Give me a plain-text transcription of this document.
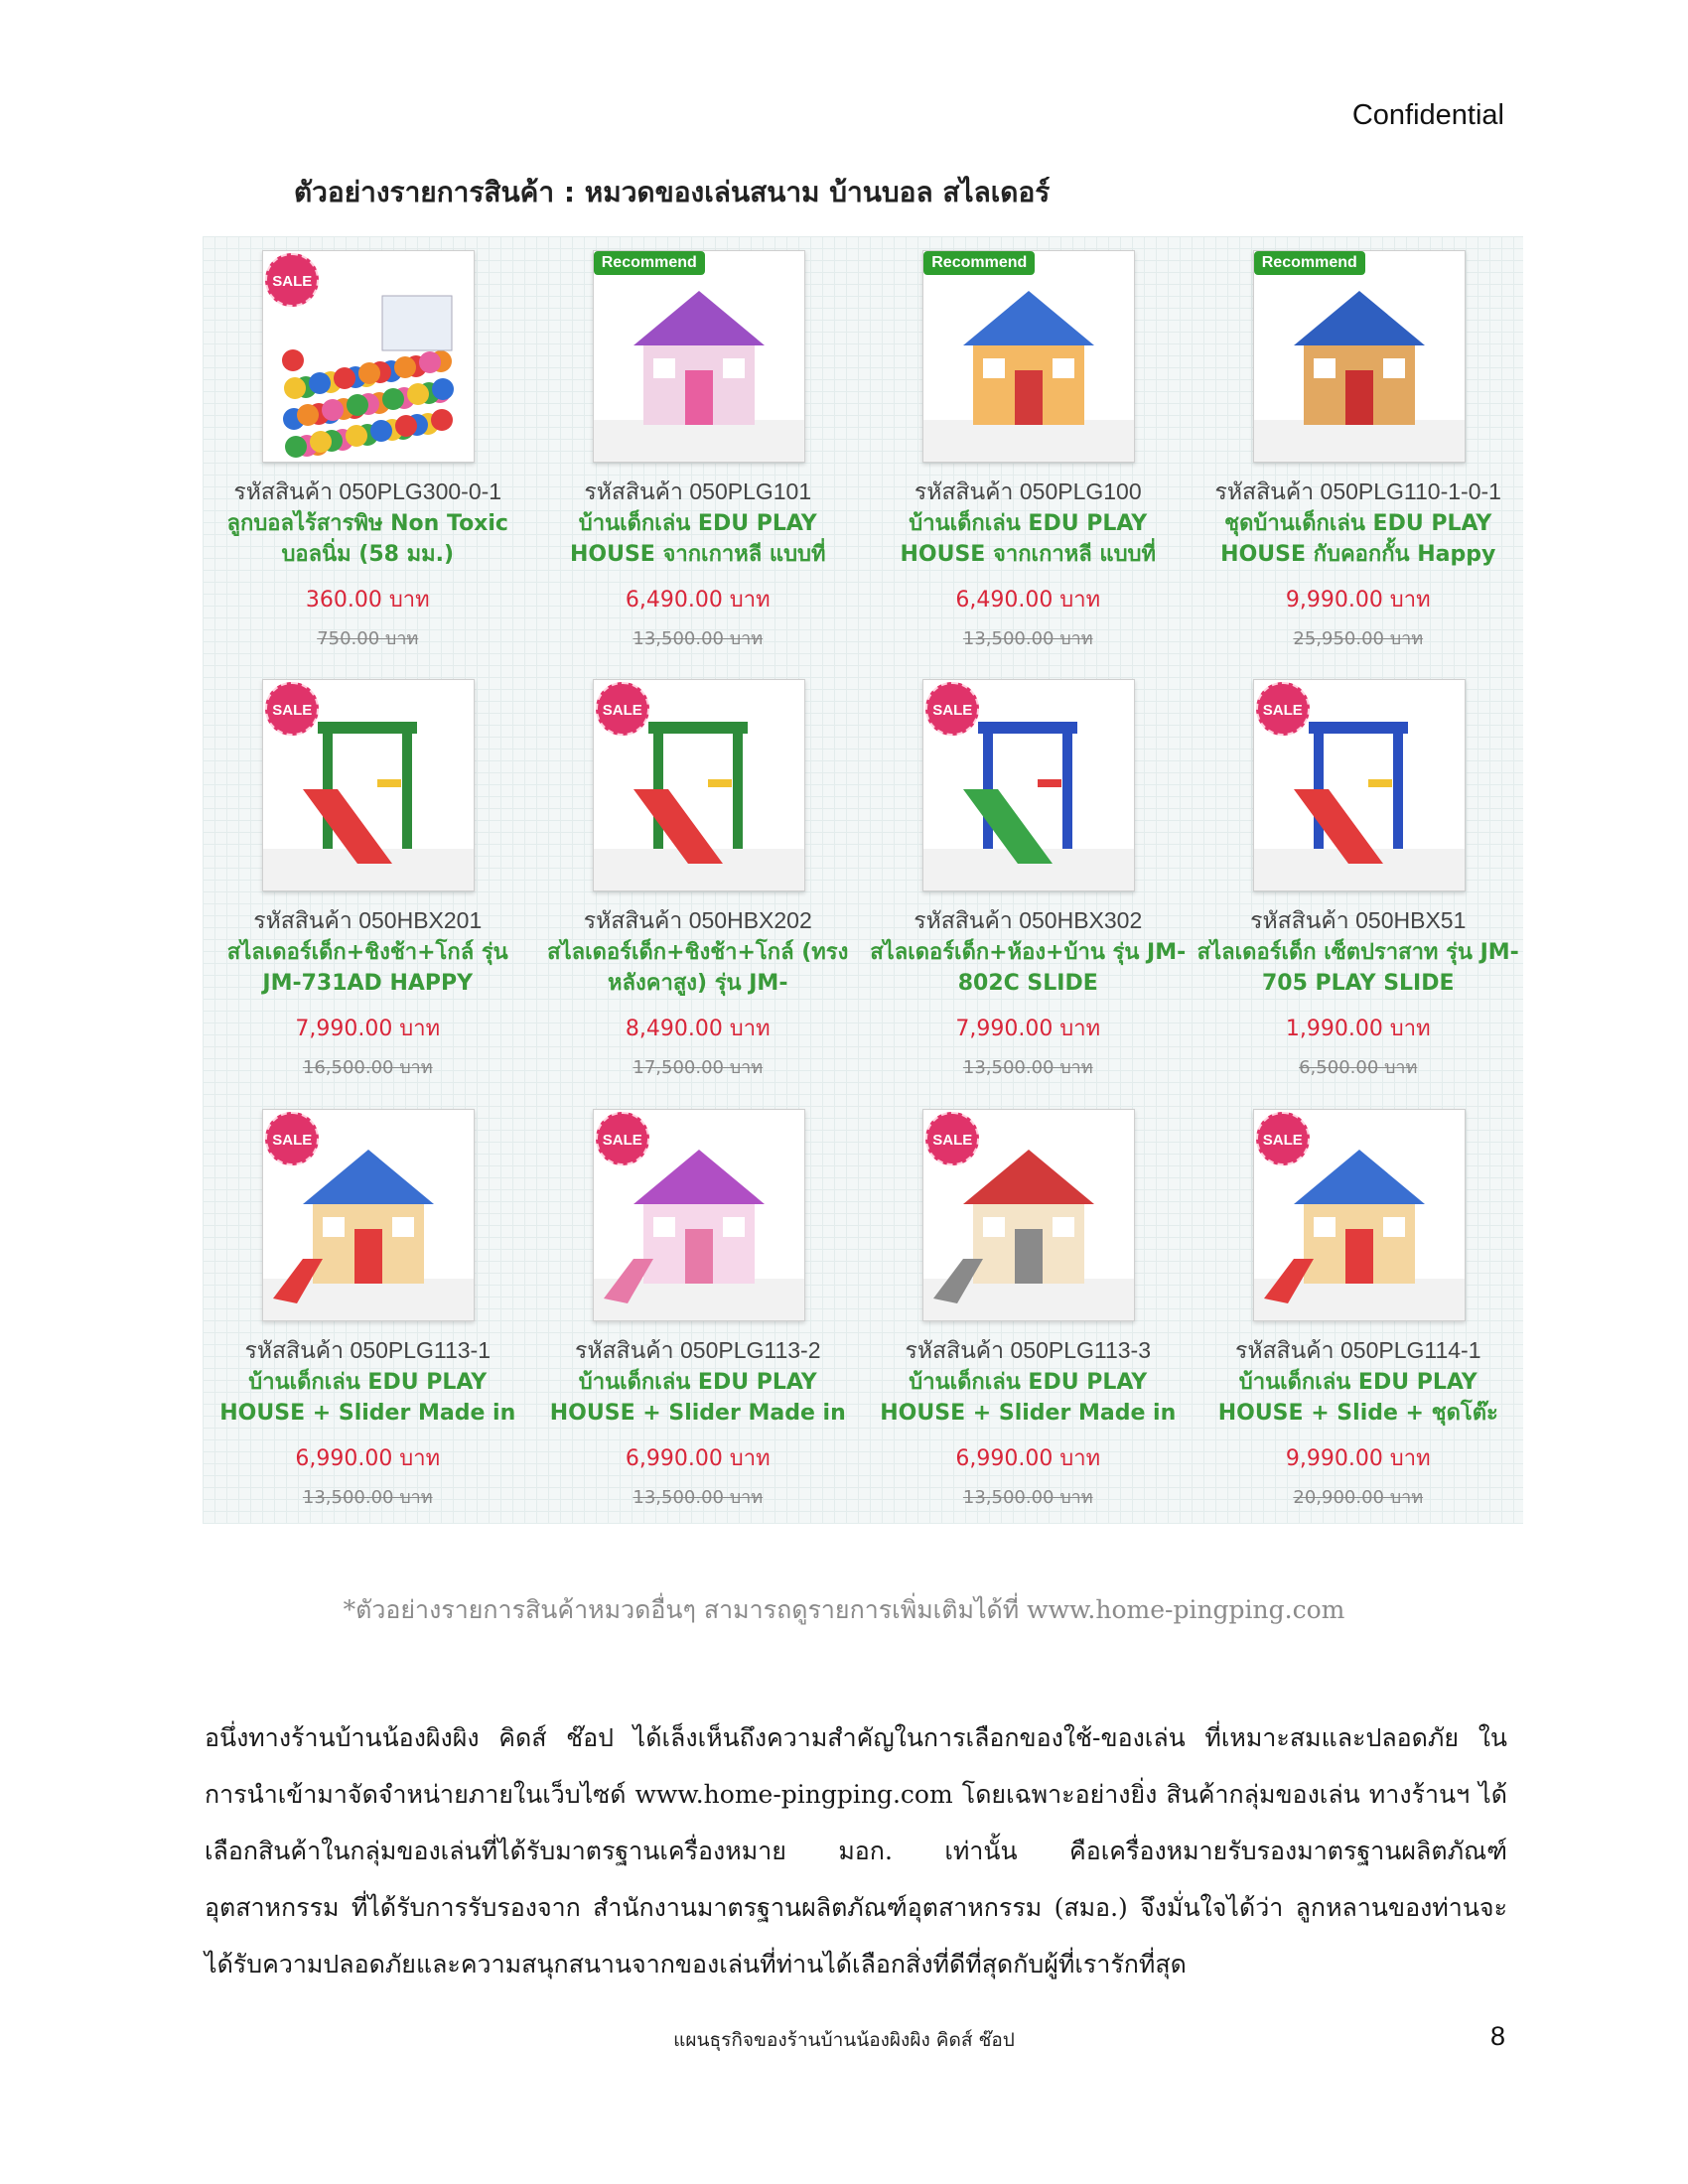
Confidential
ตัวอย่างรายการสินค้า : หมวดของเล่นสนาม บ้านบอล สไลเดอร์
SALE
รหัสสินค้า 050PLG300-0-1
ลูกบอลไร้สารพิษ Non Toxic บอลนิ่ม (58 มม.)
360.00 บาท
750.00 บาท
Recommend
รหัสสินค้า 050PLG101
บ้านเด็กเล่น EDU PLAY HOUSE จากเกาหลี แบบที่
6,490.00 บาท
13,500.00 บาท
Recommend
รหัสสินค้า 050PLG100
บ้านเด็กเล่น EDU PLAY HOUSE จากเกาหลี แบบที่
6,490.00 บาท
13,500.00 บาท
Recommend
รหัสสินค้า 050PLG110-1-0-1
ชุดบ้านเด็กเล่น EDU PLAY HOUSE กับคอกกั้น Happy
9,990.00 บาท
25,950.00 บาท
SALE
รหัสสินค้า 050HBX201
สไลเดอร์เด็ก+ชิงช้า+โกล์ รุ่น JM-731AD HAPPY
7,990.00 บาท
16,500.00 บาท
SALE
รหัสสินค้า 050HBX202
สไลเดอร์เด็ก+ชิงช้า+โกล์ (ทรงหลังคาสูง) รุ่น JM-
8,490.00 บาท
17,500.00 บาท
SALE
รหัสสินค้า 050HBX302
สไลเดอร์เด็ก+ห้อง+บ้าน รุ่น JM-802C SLIDE
7,990.00 บาท
13,500.00 บาท
SALE
รหัสสินค้า 050HBX51
สไลเดอร์เด็ก เซ็ตปราสาท รุ่น JM-705 PLAY SLIDE
1,990.00 บาท
6,500.00 บาท
SALE
รหัสสินค้า 050PLG113-1
บ้านเด็กเล่น EDU PLAY HOUSE + Slider Made in
6,990.00 บาท
13,500.00 บาท
SALE
รหัสสินค้า 050PLG113-2
บ้านเด็กเล่น EDU PLAY HOUSE + Slider Made in
6,990.00 บาท
13,500.00 บาท
SALE
รหัสสินค้า 050PLG113-3
บ้านเด็กเล่น EDU PLAY HOUSE + Slider Made in
6,990.00 บาท
13,500.00 บาท
SALE
รหัสสินค้า 050PLG114-1
บ้านเด็กเล่น EDU PLAY HOUSE + Slide + ชุดโต๊ะ
9,990.00 บาท
20,900.00 บาท
*ตัวอย่างรายการสินค้าหมวดอื่นๆ สามารถดูรายการเพิ่มเติมได้ที่ www.home-pingping.com

อนึ่งทางร้านบ้านน้องผิงผิง คิดส์ ช๊อป ได้เล็งเห็นถึงความสำคัญในการเลือกของใช้-ของเล่น ที่เหมาะสมและปลอดภัย ในการนำเข้ามาจัดจำหน่ายภายในเว็บไซด์ www.home-pingping.com โดยเฉพาะอย่างยิ่ง สินค้ากลุ่มของเล่น ทางร้านฯ ได้เลือกสินค้าในกลุ่มของเล่นที่ได้รับมาตรฐานเครื่องหมาย มอก. เท่านั้น คือเครื่องหมายรับรองมาตรฐานผลิตภัณฑ์อุตสาหกรรม ที่ได้รับการรับรองจาก สำนักงานมาตรฐานผลิตภัณฑ์อุตสาหกรรม (สมอ.) จึงมั่นใจได้ว่า ลูกหลานของท่านจะได้รับความปลอดภัยและความสนุกสนานจากของเล่นที่ท่านได้เลือกสิ่งที่ดีที่สุดกับผู้ที่เรารักที่สุด

แผนธุรกิจของร้านบ้านน้องผิงผิง คิดส์ ช๊อป	8
